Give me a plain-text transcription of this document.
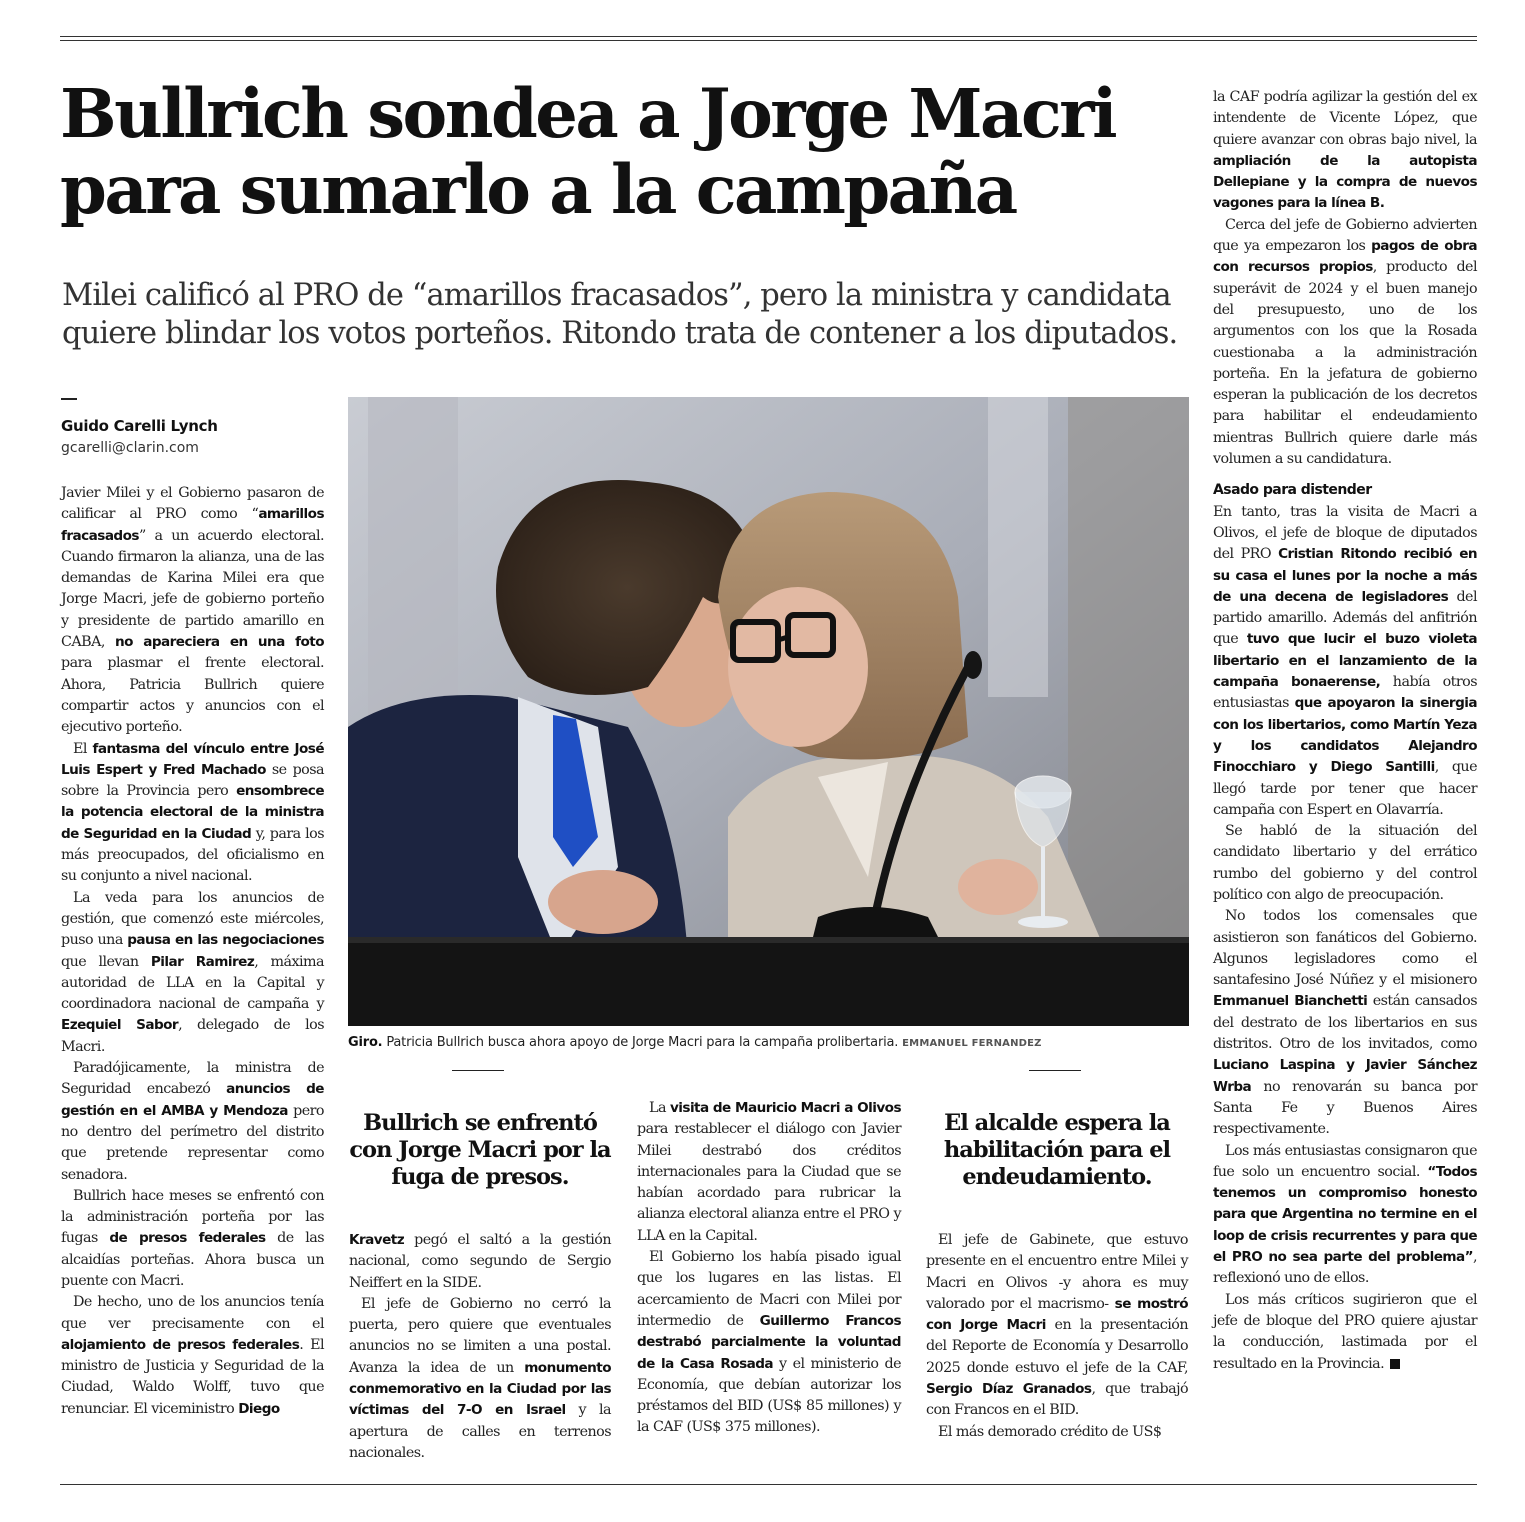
Bullrich sondea a Jorge Macri
para sumarlo a la campaña

Milei calificó al PRO de “amarillos fracasados”, pero la ministra y candidata
quiere blindar los votos porteños. Ritondo trata de contener a los diputados.

Guido Carelli Lynch
gcarelli@clarin.com

Javier Milei y el Gobierno pasaron de calificar al PRO como “amarillos fracasados” a un acuerdo electoral. Cuando firmaron la alianza, una de las demandas de Karina Milei era que Jorge Macri, jefe de gobierno porteño y presidente de partido amarillo en CABA, no apareciera en una foto para plasmar el frente electoral. Ahora, Patricia Bullrich quiere compartir actos y anuncios con el ejecutivo porteño.

El fantasma del vínculo entre José Luis Espert y Fred Machado se posa sobre la Provincia pero ensombrece la potencia electoral de la ministra de Seguridad en la Ciudad y, para los más preocupados, del oficialismo en su conjunto a nivel nacional.

La veda para los anuncios de gestión, que comenzó este miércoles, puso una pausa en las negociaciones que llevan Pilar Ramirez, máxima autoridad de LLA en la Capital y coordinadora nacional de campaña y Ezequiel Sabor, delegado de los Macri.

Paradójicamente, la ministra de Seguridad encabezó anuncios de gestión en el AMBA y Mendoza pero no dentro del perímetro del distrito que pretende representar como senadora.

Bullrich hace meses se enfrentó con la administración porteña por las fugas de presos federales de las alcaidías porteñas. Ahora busca un puente con Macri.

De hecho, uno de los anuncios tenía que ver precisamente con el alojamiento de presos federales. El ministro de Justicia y Seguridad de la Ciudad, Waldo Wolff, tuvo que renunciar. El viceministro Diego

Giro. Patricia Bullrich busca ahora apoyo de Jorge Macri para la campaña prolibertaria. EMMANUEL FERNANDEZ
Bullrich se enfrentó con Jorge Macri por la fuga de presos.

Kravetz pegó el saltó a la gestión nacional, como segundo de Sergio Neiffert en la SIDE.

El jefe de Gobierno no cerró la puerta, pero quiere que eventuales anuncios no se limiten a una postal. Avanza la idea de un monumento conmemorativo en la Ciudad por las víctimas del 7-O en Israel y la apertura de calles en terrenos nacionales.

La visita de Mauricio Macri a Olivos para restablecer el diálogo con Javier Milei destrabó dos créditos internacionales para la Ciudad que se habían acordado para rubricar la alianza electoral alianza entre el PRO y LLA en la Capital.

El Gobierno los había pisado igual que los lugares en las listas. El acercamiento de Macri con Milei por intermedio de Guillermo Francos destrabó parcialmente la voluntad de la Casa Rosada y el ministerio de Economía, que debían autorizar los préstamos del BID (US$ 85 millones) y la CAF (US$ 375 millones).

El alcalde espera la habilitación para el endeudamiento.

El jefe de Gabinete, que estuvo presente en el encuentro entre Milei y Macri en Olivos -y ahora es muy valorado por el macrismo- se mostró con Jorge Macri en la presentación del Reporte de Economía y Desarrollo 2025 donde estuvo el jefe de la CAF, Sergio Díaz Granados, que trabajó con Francos en el BID.

El más demorado crédito de US$

la CAF podría agilizar la gestión del ex intendente de Vicente López, que quiere avanzar con obras bajo nivel, la ampliación de la autopista Dellepiane y la compra de nuevos vagones para la línea B.

Cerca del jefe de Gobierno advierten que ya empezaron los pagos de obra con recursos propios, producto del superávit de 2024 y el buen manejo del presupuesto, uno de los argumentos con los que la Rosada cuestionaba a la administración porteña. En la jefatura de gobierno esperan la publicación de los decretos para habilitar el endeudamiento mientras Bullrich quiere darle más volumen a su candidatura.

Asado para distender

En tanto, tras la visita de Macri a Olivos, el jefe de bloque de diputados del PRO Cristian Ritondo recibió en su casa el lunes por la noche a más de una decena de legisladores del partido amarillo. Además del anfitrión que tuvo que lucir el buzo violeta libertario en el lanzamiento de la campaña bonaerense, había otros entusiastas que apoyaron la sinergia con los libertarios, como Martín Yeza y los candidatos Alejandro Finocchiaro y Diego Santilli, que llegó tarde por tener que hacer campaña con Espert en Olavarría.

Se habló de la situación del candidato libertario y del errático rumbo del gobierno y del control político con algo de preocupación.

No todos los comensales que asistieron son fanáticos del Gobierno. Algunos legisladores como el santafesino José Núñez y el misionero Emmanuel Bianchetti están cansados del destrato de los libertarios en sus distritos. Otro de los invitados, como Luciano Laspina y Javier Sánchez Wrba no renovarán su banca por Santa Fe y Buenos Aires respectivamente.

Los más entusiastas consignaron que fue solo un encuentro social. “Todos tenemos un compromiso honesto para que Argentina no termine en el loop de crisis recurrentes y para que el PRO no sea parte del problema”, reflexionó uno de ellos.

Los más críticos sugirieron que el jefe de bloque del PRO quiere ajustar la conducción, lastimada por el resultado en la Provincia.
